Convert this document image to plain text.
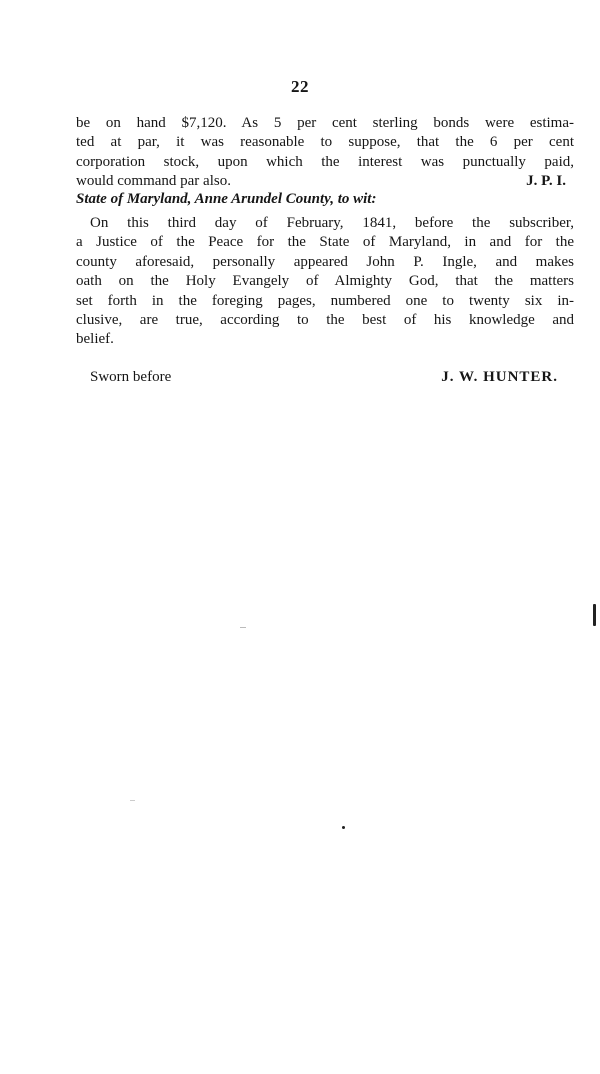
22
be on hand $7,120. As 5 per cent sterling bonds were estima-
ted at par, it was reasonable to suppose, that the 6 per cent
corporation stock, upon which the interest was punctually paid,
would command par also.	J. P. I.
State of Maryland, Anne Arundel County, to wit:
On this third day of February, 1841, before the subscriber,
a Justice of the Peace for the State of Maryland, in and for the
county aforesaid, personally appeared John P. Ingle, and makes
oath on the Holy Evangely of Almighty God, that the matters
set forth in the foreging pages, numbered one to twenty six in-
clusive, are true, according to the best of his knowledge and
belief.
Sworn before	J. W. HUNTER.
